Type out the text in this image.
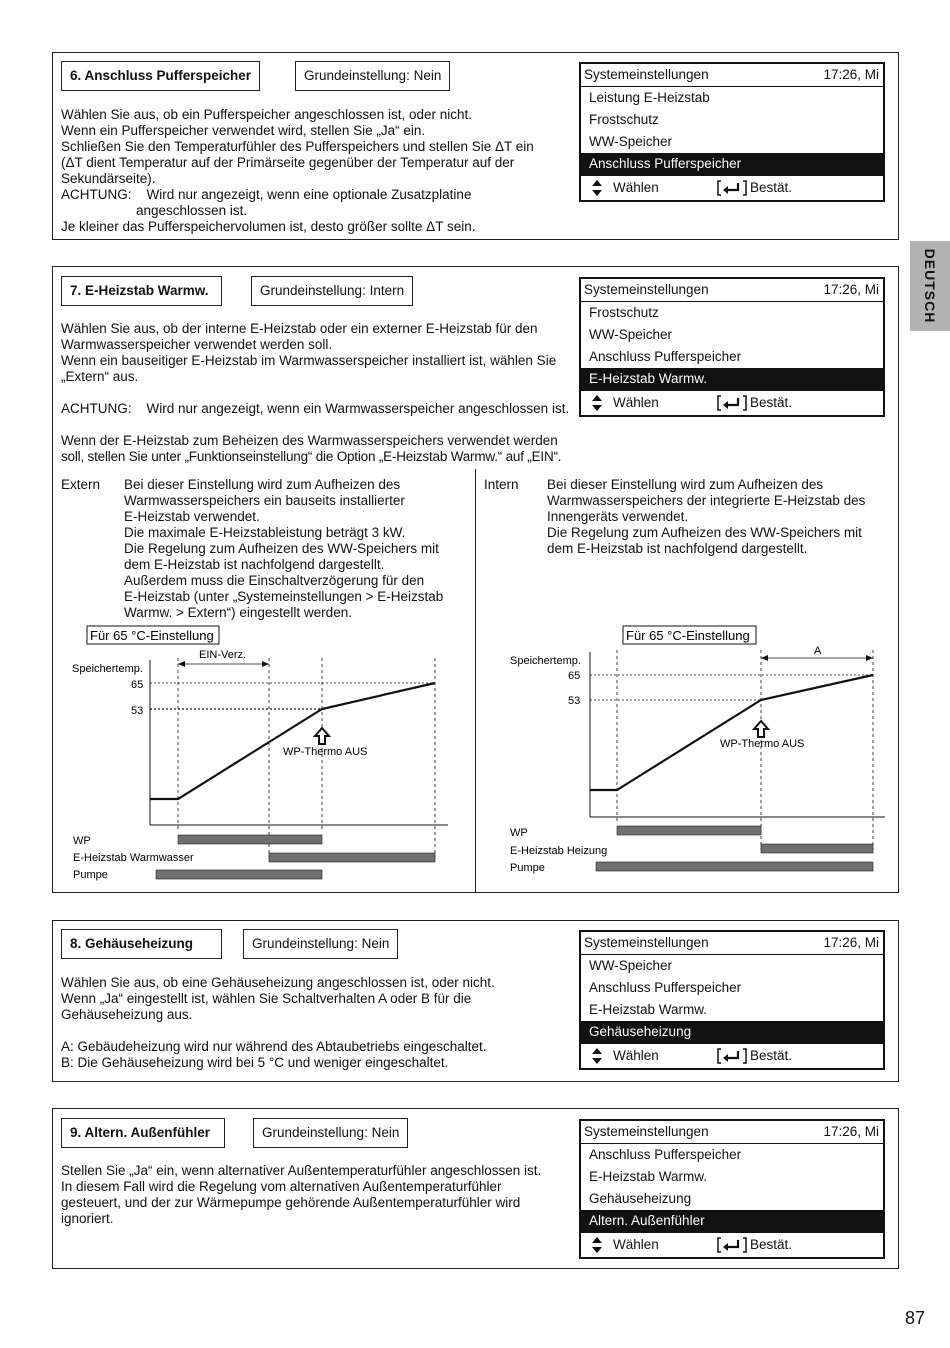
DEUTSCH
6. Anschluss Pufferspeicher	Grundeinstellung: Nein

Wählen Sie aus, ob ein Pufferspeicher angeschlossen ist, oder nicht.

Wenn ein Pufferspeicher verwendet wird, stellen Sie „Ja“ ein.

Schließen Sie den Temperaturfühler des Pufferspeichers und stellen Sie ΔT ein

(ΔT dient Temperatur auf der Primärseite gegenüber der Temperatur auf der

Sekundärseite).

ACHTUNG:    Wird nur angezeigt, wenn eine optionale Zusatzplatine

angeschlossen ist.

Je kleiner das Pufferspeichervolumen ist, desto größer sollte ΔT sein.

Systemeinstellungen	17:26, Mi
Leistung E-Heizstab
Frostschutz
WW-Speicher
Anschluss Pufferspeicher
Wählen	Bestät.
7. E-Heizstab Warmw.	Grundeinstellung: Intern

Wählen Sie aus, ob der interne E-Heizstab oder ein externer E-Heizstab für den

Warmwasserspeicher verwendet werden soll.

Wenn ein bauseitiger E-Heizstab im Warmwasserspeicher installiert ist, wählen Sie

„Extern“ aus.

ACHTUNG:    Wird nur angezeigt, wenn ein Warmwasserspeicher angeschlossen ist.

Wenn der E-Heizstab zum Beheizen des Warmwasserspeichers verwendet werden

soll, stellen Sie unter „Funktionseinstellung“ die Option „E-Heizstab Warmw.“ auf „EIN“.

Systemeinstellungen	17:26, Mi
Frostschutz
WW-Speicher
Anschluss Pufferspeicher
E-Heizstab Warmw.
Wählen	Bestät.
Extern Bei dieser Einstellung wird zum Aufheizen des

Warmwasserspeichers ein bauseits installierter

E-Heizstab verwendet.

Die maximale E-Heizstableistung beträgt 3 kW.

Die Regelung zum Aufheizen des WW-Speichers mit

dem E-Heizstab ist nachfolgend dargestellt.

Außerdem muss die Einschaltverzögerung für den

E-Heizstab (unter „Systemeinstellungen > E-Heizstab

Warmw. > Extern“) eingestellt werden.

Intern Bei dieser Einstellung wird zum Aufheizen des

Warmwasserspeichers der integrierte E-Heizstab des

Innengeräts verwendet.

Die Regelung zum Aufheizen des WW-Speichers mit

dem E-Heizstab ist nachfolgend dargestellt.

Für 65 °C-Einstellung
EIN-Verz.
Speichertemp.
65
53
WP-Thermo AUS
WP
E-Heizstab Warmwasser
Pumpe
Für 65 °C-Einstellung
A
Speichertemp.
65
53
WP-Thermo AUS
WP
E-Heizstab Heizung
Pumpe
8. Gehäuseheizung	Grundeinstellung: Nein

Wählen Sie aus, ob eine Gehäuseheizung angeschlossen ist, oder nicht.

Wenn „Ja“ eingestellt ist, wählen Sie Schaltverhalten A oder B für die

Gehäuseheizung aus.

A: Gebäudeheizung wird nur während des Abtaubetriebs eingeschaltet.

B: Die Gehäuseheizung wird bei 5 °C und weniger eingeschaltet.

Systemeinstellungen	17:26, Mi
WW-Speicher
Anschluss Pufferspeicher
E-Heizstab Warmw.
Gehäuseheizung
Wählen	Bestät.
9. Altern. Außenfühler	Grundeinstellung: Nein

Stellen Sie „Ja“ ein, wenn alternativer Außentemperaturfühler angeschlossen ist.

In diesem Fall wird die Regelung vom alternativen Außentemperaturfühler

gesteuert, und der zur Wärmepumpe gehörende Außentemperaturfühler wird

ignoriert.

Systemeinstellungen	17:26, Mi
Anschluss Pufferspeicher
E-Heizstab Warmw.
Gehäuseheizung
Altern. Außenfühler
Wählen	Bestät.
87
